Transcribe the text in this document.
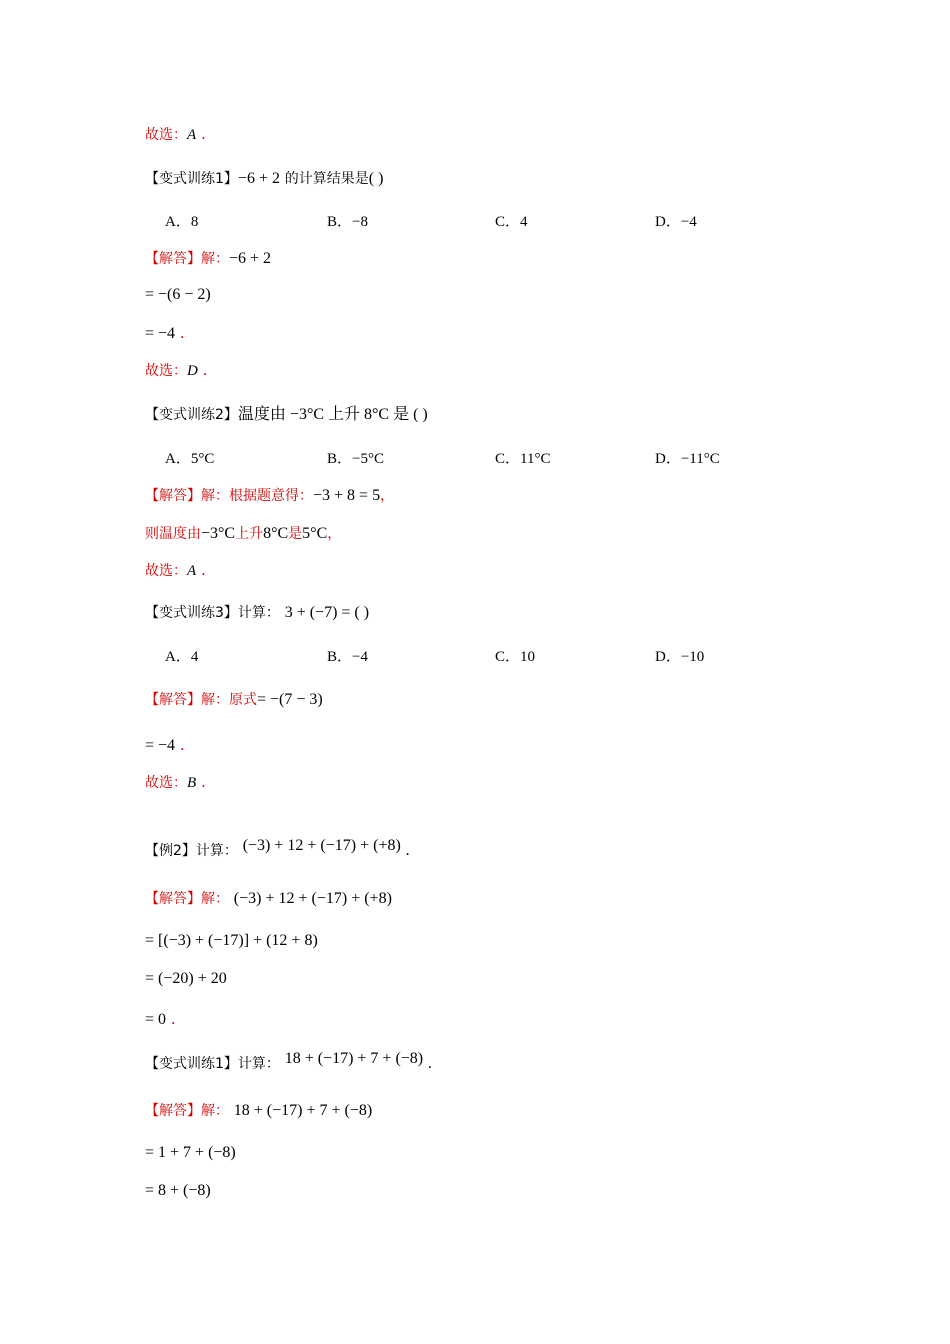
故选：A .
【变式训练1】−6 + 2 的计算结果是( )
A．8	B．−8	C．4	D．−4
【解答】解：−6 + 2
= −(6 − 2)
= −4 .
故选：D .
【变式训练2】温度由 −3°C 上升 8°C 是 ( )
A．5°C	B．−5°C	C．11°C	D．−11°C
【解答】解：根据题意得：−3 + 8 = 5，
则温度由−3°C上升8°C是5°C，
故选：A .
【变式训练3】计算： 3 + (−7) = ( )
A．4	B．−4	C．10	D．−10
【解答】解：原式= −(7 − 3)
= −4 .
故选：B .
【例2】计算： (−3) + 12 + (−17) + (+8) .
【解答】解： (−3) + 12 + (−17) + (+8)
= [(−3) + (−17)] + (12 + 8)
= (−20) + 20
= 0 .
【变式训练1】计算： 18 + (−17) + 7 + (−8) .
【解答】解： 18 + (−17) + 7 + (−8)
= 1 + 7 + (−8)
= 8 + (−8)
